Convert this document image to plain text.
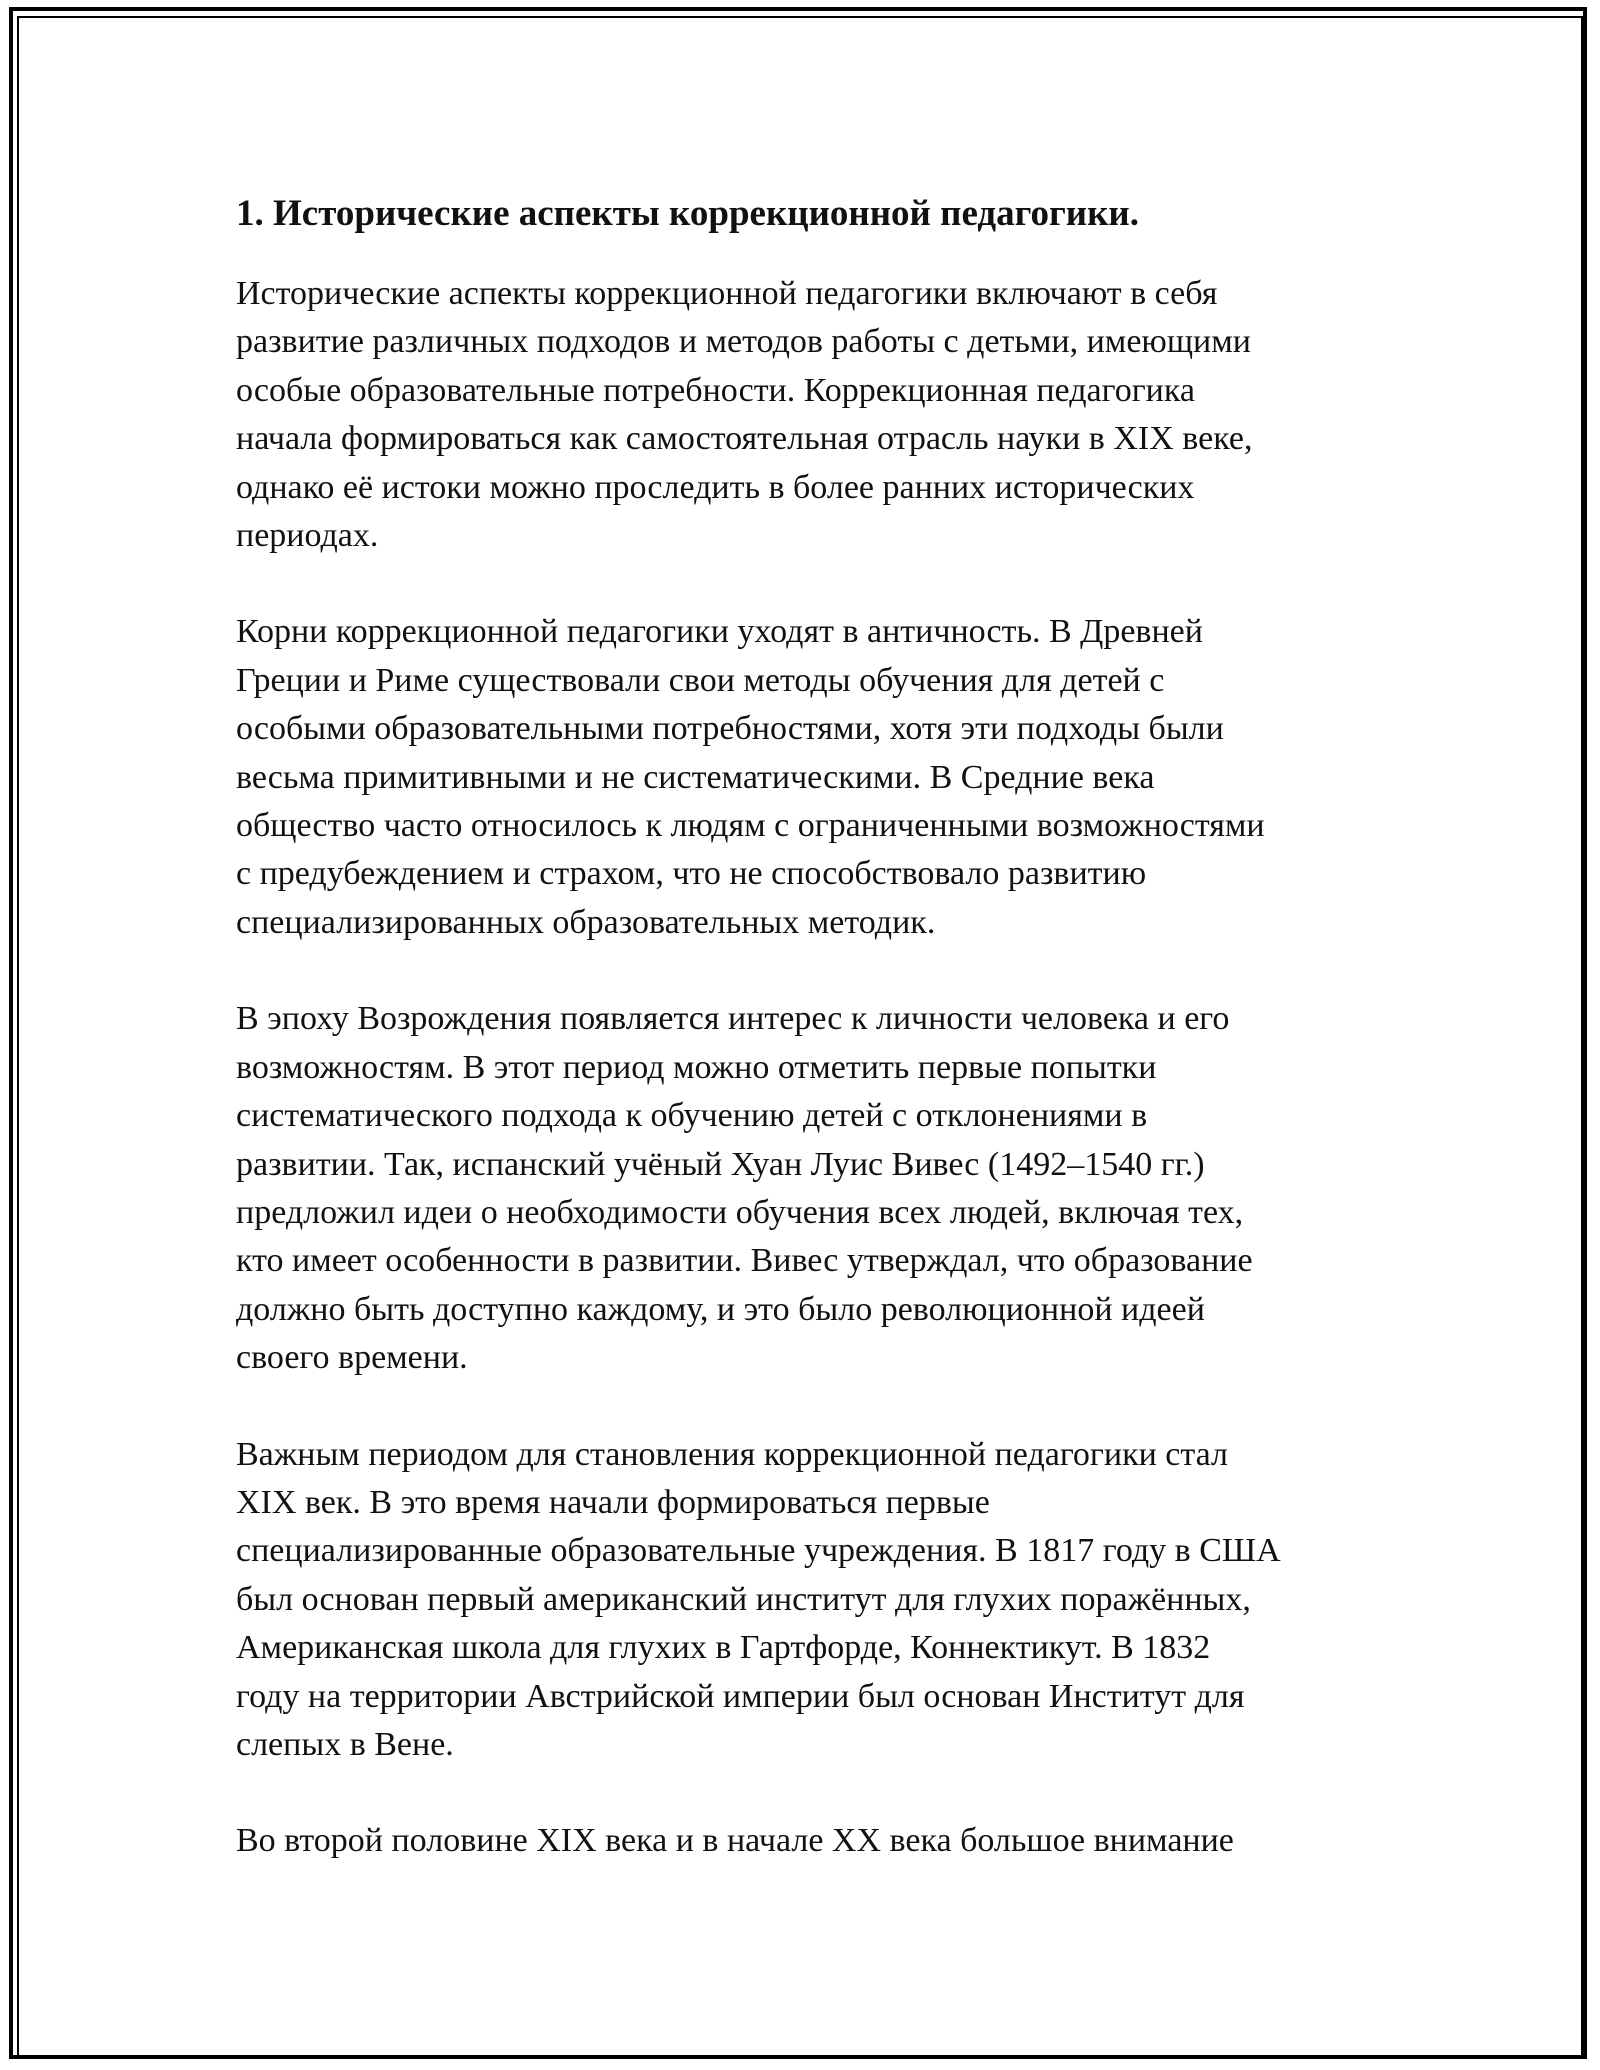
1. Исторические аспекты коррекционной педагогики.

Исторические аспекты коррекционной педагогики включают в себя
развитие различных подходов и методов работы с детьми, имеющими
особые образовательные потребности. Коррекционная педагогика
начала формироваться как самостоятельная отрасль науки в XIX веке,
однако её истоки можно проследить в более ранних исторических
периодах.

Корни коррекционной педагогики уходят в античность. В Древней
Греции и Риме существовали свои методы обучения для детей с
особыми образовательными потребностями, хотя эти подходы были
весьма примитивными и не систематическими. В Средние века
общество часто относилось к людям с ограниченными возможностями
с предубеждением и страхом, что не способствовало развитию
специализированных образовательных методик.

В эпоху Возрождения появляется интерес к личности человека и его
возможностям. В этот период можно отметить первые попытки
систематического подхода к обучению детей с отклонениями в
развитии. Так, испанский учёный Хуан Луис Вивес (1492–1540 гг.)
предложил идеи о необходимости обучения всех людей, включая тех,
кто имеет особенности в развитии. Вивес утверждал, что образование
должно быть доступно каждому, и это было революционной идеей
своего времени.

Важным периодом для становления коррекционной педагогики стал
XIX век. В это время начали формироваться первые
специализированные образовательные учреждения. В 1817 году в США
был основан первый американский институт для глухих поражённых,
Американская школа для глухих в Гартфорде, Коннектикут. В 1832
году на территории Австрийской империи был основан Институт для
слепых в Вене.

Во второй половине XIX века и в начале XX века большое внимание
